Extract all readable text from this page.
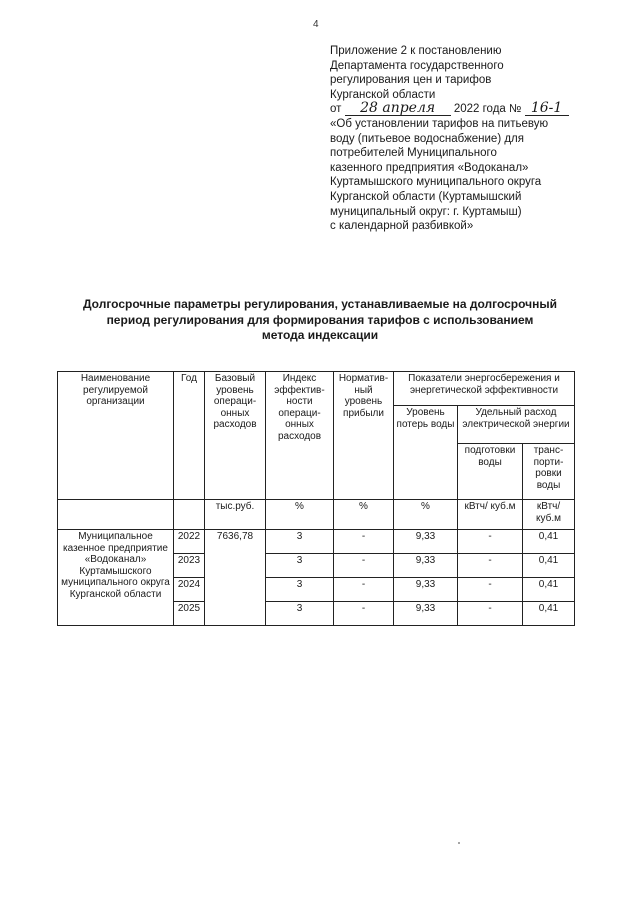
4
Приложение 2 к постановлению
Департамента государственного
регулирования цен и тарифов
Курганской области
от 28 апреля 2022 года № 16-1
«Об установлении тарифов на питьевую
воду (питьевое водоснабжение) для
потребителей Муниципального
казенного предприятия «Водоканал»
Куртамышского муниципального округа
Курганской области (Куртамышский
муниципальный округ: г. Куртамыш)
с календарной разбивкой»
Долгосрочные параметры регулирования, устанавливаемые на долгосрочный
период регулирования для формирования тарифов с использованием
метода индексации
Наименование регулируемой организации	Год	Базовый уровень операци-онных расходов	Индекс эффектив-ности операци-онных расходов	Норматив-ный уровень прибыли	Показатели энергосбережения и энергетической эффективности		
					Уровень потерь воды	Удельный расход электрической энергии	
						подготовки воды	транс-порти-ровки воды

		тыс.руб.	%	%	%	кВтч/ куб.м	кВтч/ куб.м
Муниципальное казенное предприятие «Водоканал» Куртамышского муниципального округа Курганской области	2022	7636,78	3	-	9,33	-	0,41
	2023		3	-	9,33	-	0,41
	2024		3	-	9,33	-	0,41
	2025		3	-	9,33	-	0,41
